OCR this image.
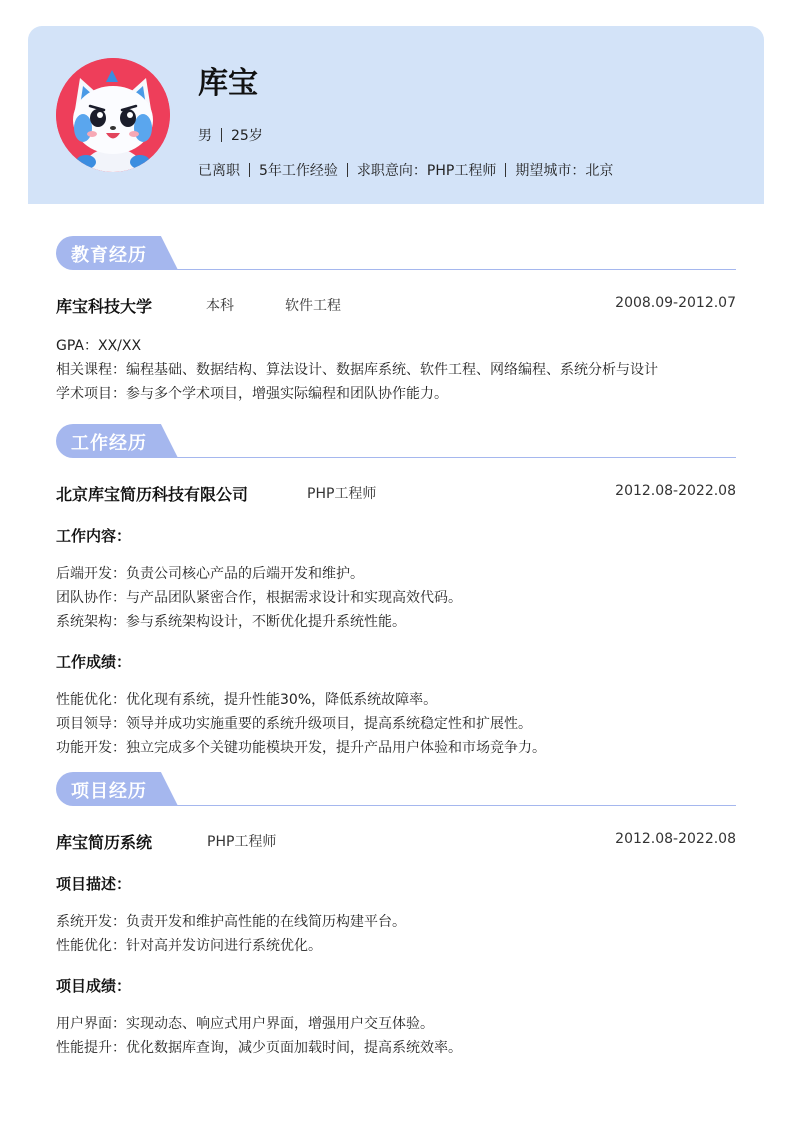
库宝
男 25岁
已离职 5年工作经验 求职意向：PHP工程师 期望城市：北京
教育经历
库宝科技大学	本科	软件工程	2008.09-2012.07
GPA：XX/XX
相关课程：编程基础、数据结构、算法设计、数据库系统、软件工程、网络编程、系统分析与设计
学术项目：参与多个学术项目，增强实际编程和团队协作能力。
工作经历
北京库宝简历科技有限公司	PHP工程师	2012.08-2022.08
工作内容：
后端开发：负责公司核心产品的后端开发和维护。
团队协作：与产品团队紧密合作，根据需求设计和实现高效代码。
系统架构：参与系统架构设计，不断优化提升系统性能。
工作成绩：
性能优化：优化现有系统，提升性能30%，降低系统故障率。
项目领导：领导并成功实施重要的系统升级项目，提高系统稳定性和扩展性。
功能开发：独立完成多个关键功能模块开发，提升产品用户体验和市场竞争力。
项目经历
库宝简历系统	PHP工程师	2012.08-2022.08
项目描述：
系统开发：负责开发和维护高性能的在线简历构建平台。
性能优化：针对高并发访问进行系统优化。
项目成绩：
用户界面：实现动态、响应式用户界面，增强用户交互体验。
性能提升：优化数据库查询，减少页面加载时间，提高系统效率。
